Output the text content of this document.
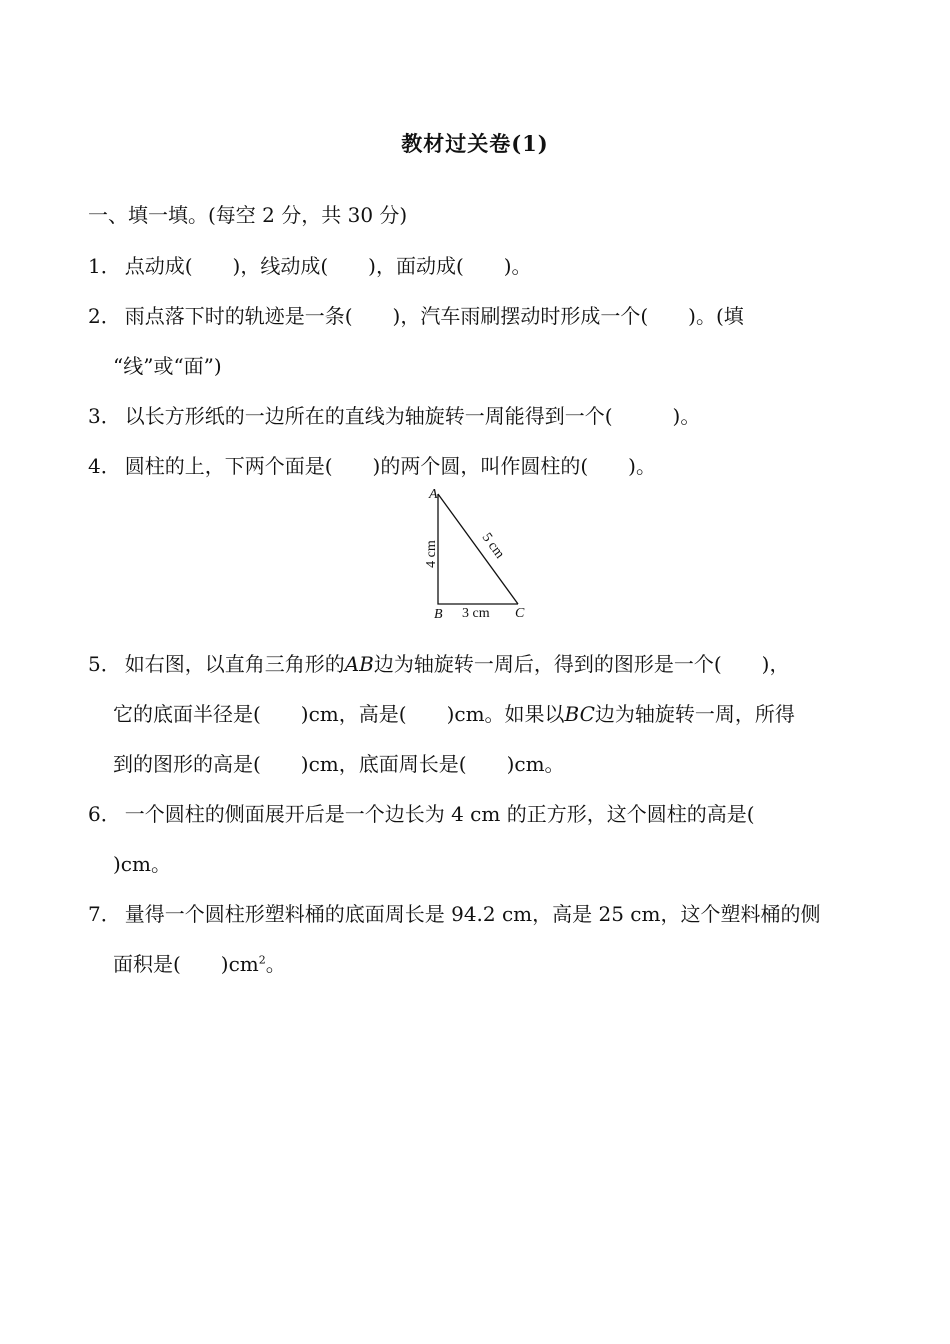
教材过关卷(1)
一、填一填。(每空 2 分，共 30 分)
1． 点动成(　　)，线动成(　　)，面动成(　　)。
2． 雨点落下时的轨迹是一条(　　)，汽车雨刷摆动时形成一个(　　)。(填
“线”或“面”)
3． 以长方形纸的一边所在的直线为轴旋转一周能得到一个(　　　)。
4． 圆柱的上，下两个面是(　　)的两个圆，叫作圆柱的(　　)。
A
B	C
4 cm
3 cm
5 cm
5． 如右图，以直角三角形的AB边为轴旋转一周后，得到的图形是一个(　　)，
它的底面半径是(　　)cm，高是(　　)cm。如果以BC边为轴旋转一周，所得
到的图形的高是(　　)cm，底面周长是(　　)cm。
6． 一个圆柱的侧面展开后是一个边长为 4 cm 的正方形，这个圆柱的高是(
)cm。
7． 量得一个圆柱形塑料桶的底面周长是 94.2 cm，高是 25 cm，这个塑料桶的侧
面积是(　　)$cm^2$。
